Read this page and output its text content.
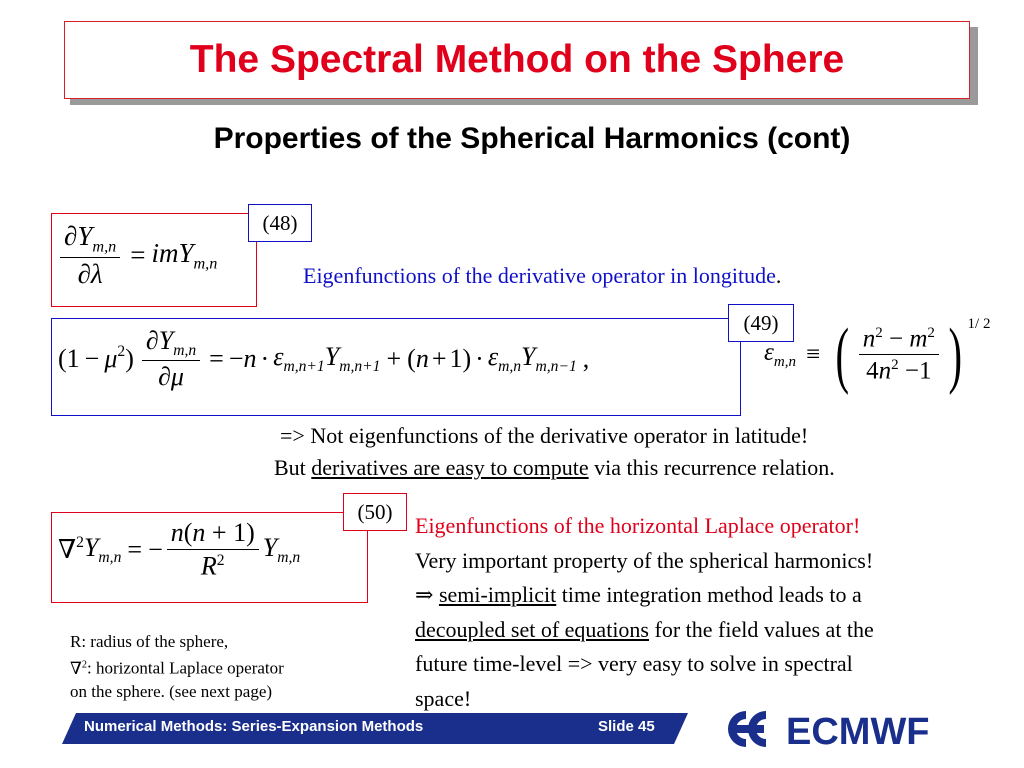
The Spectral Method on the Sphere
Properties of the Spherical Harmonics (cont)
$\frac{\partial Y_{m,n}}{\partial\lambda} = imY_{m,n}$
(48)
Eigenfunctions of the derivative operator in longitude.
($1 - \mu^2$ ) $\frac{\partial Y_{m,n}}{\partial\mu}$ = − $n \cdot \varepsilon_{m,n+1}Y_{m,n+1}$ + ( $n + 1) \cdot \varepsilon_{m,n}Y_{m,n-1}$ ,
(49)
$\varepsilon_{m,n}$ ≡ ( $\frac{n^2 - m^2}{4n^2 -1}$ ) 1/ 2
=> Not eigenfunctions of the derivative operator in latitude!
But derivatives are easy to compute via this recurrence relation.
∇$^2$ $Y_{m,n}$ = − $\frac{n(n + 1)}{R^2} Y_{m,n}$
(50)
Eigenfunctions of the horizontal Laplace operator!
Very important property of the spherical harmonics!
⇒ semi-implicit time integration method leads to a
decoupled set of equations for the field values at the
future time-level => very easy to solve in spectral
space!
R: radius of the sphere,
∇$^2$: horizontal Laplace operator
on the sphere. (see next page)
Numerical Methods: Series-Expansion Methods	Slide 45	ECMWF
